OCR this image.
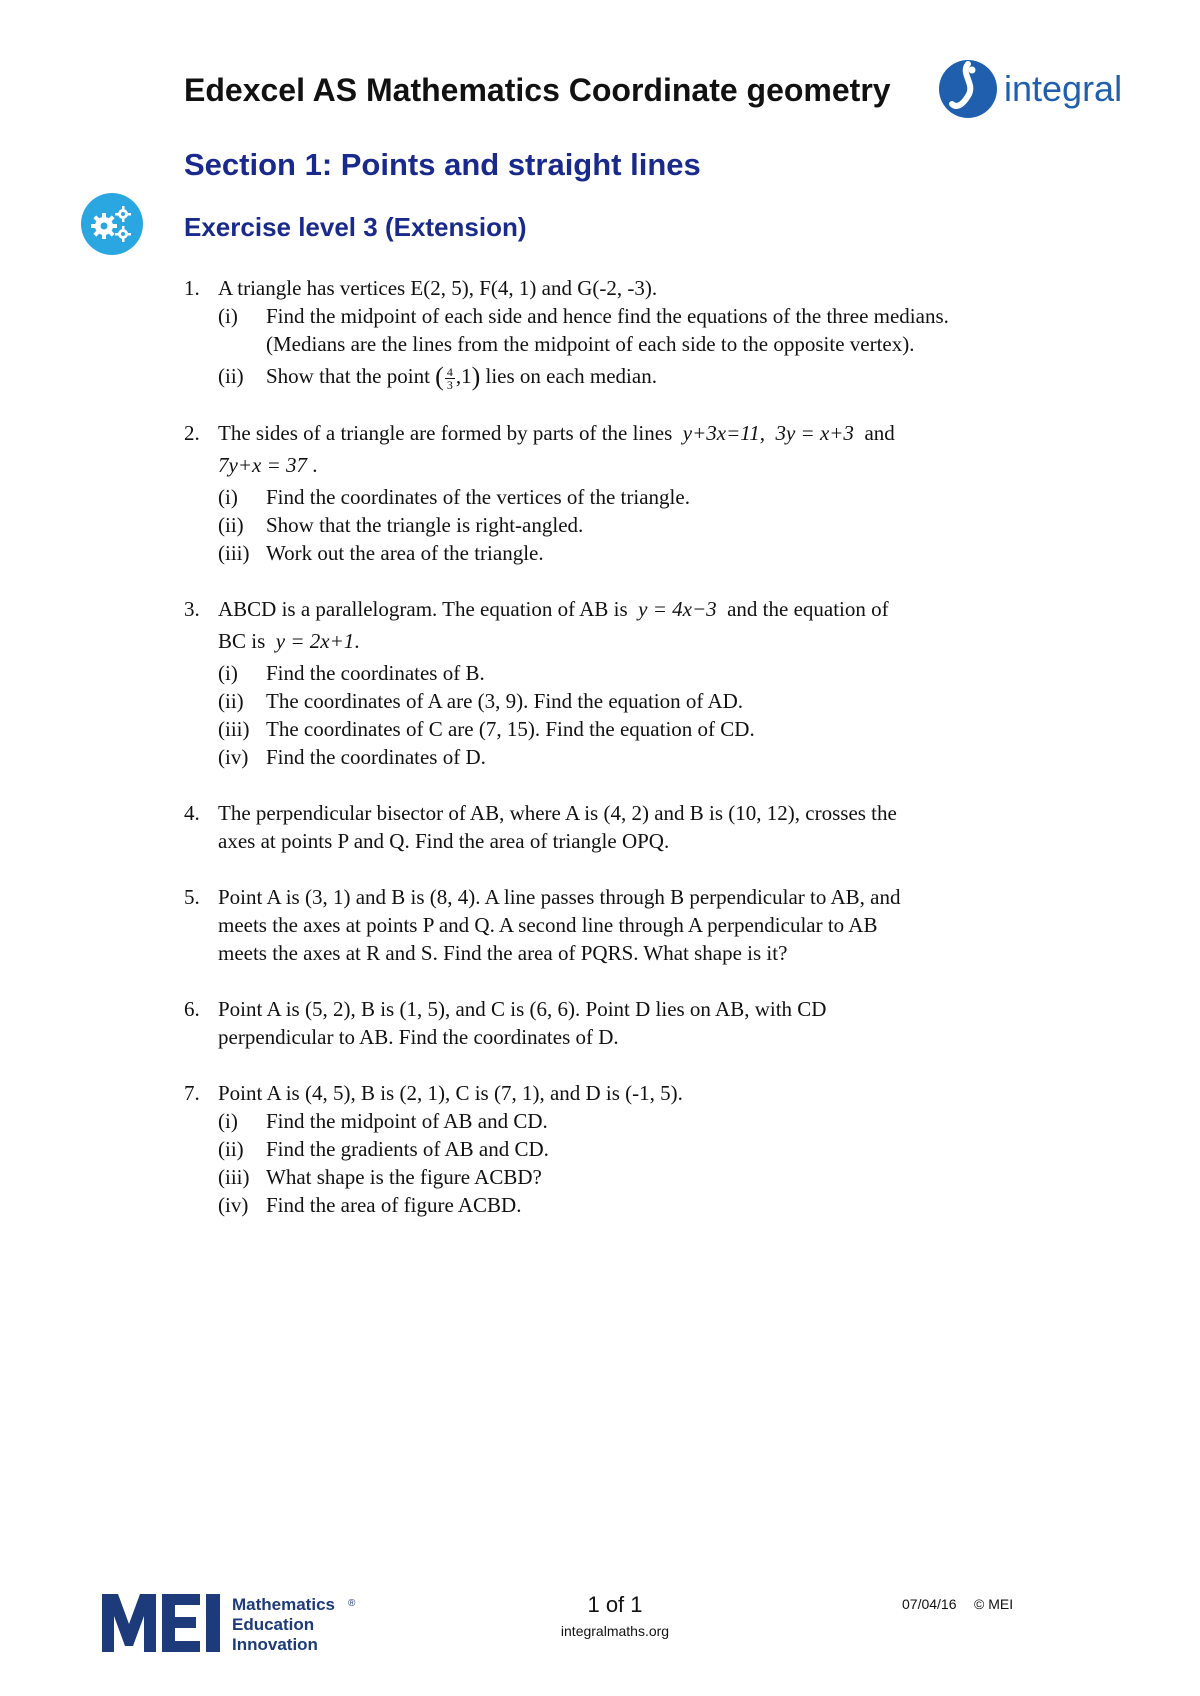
Edexcel AS Mathematics Coordinate geometry	integral
Section 1: Points and straight lines
Exercise level 3 (Extension)
1. A triangle has vertices E(2, 5), F(4, 1) and G(-2, -3).
(i) Find the midpoint of each side and hence find the equations of the three medians.
(Medians are the lines from the midpoint of each side to the opposite vertex).
(ii) Show that the point ( $\frac{4}{3} ,1$) lies on each median.
2. The sides of a triangle are formed by parts of the lines y+3x=11,  3y = x+3 and
7y+x = 37 .
(i) Find the coordinates of the vertices of the triangle.
(ii) Show that the triangle is right-angled.
(iii) Work out the area of the triangle.
3. ABCD is a parallelogram. The equation of AB is y = 4x−3 and the equation of
BC is y = 2x+1.
(i) Find the coordinates of B.
(ii) The coordinates of A are (3, 9). Find the equation of AD.
(iii) The coordinates of C are (7, 15). Find the equation of CD.
(iv) Find the coordinates of D.
4. The perpendicular bisector of AB, where A is (4, 2) and B is (10, 12), crosses the
axes at points P and Q. Find the area of triangle OPQ.
5. Point A is (3, 1) and B is (8, 4). A line passes through B perpendicular to AB, and
meets the axes at points P and Q. A second line through A perpendicular to AB
meets the axes at R and S. Find the area of PQRS. What shape is it?
6. Point A is (5, 2), B is (1, 5), and C is (6, 6). Point D lies on AB, with CD
perpendicular to AB. Find the coordinates of D.
7. Point A is (4, 5), B is (2, 1), C is (7, 1), and D is (-1, 5).
(i) Find the midpoint of AB and CD.
(ii) Find the gradients of AB and CD.
(iii) What shape is the figure ACBD?
(iv) Find the area of figure ACBD.
Mathematics
Education
Innovation
®	1 of 1
integralmaths.org
07/04/16 © MEI
